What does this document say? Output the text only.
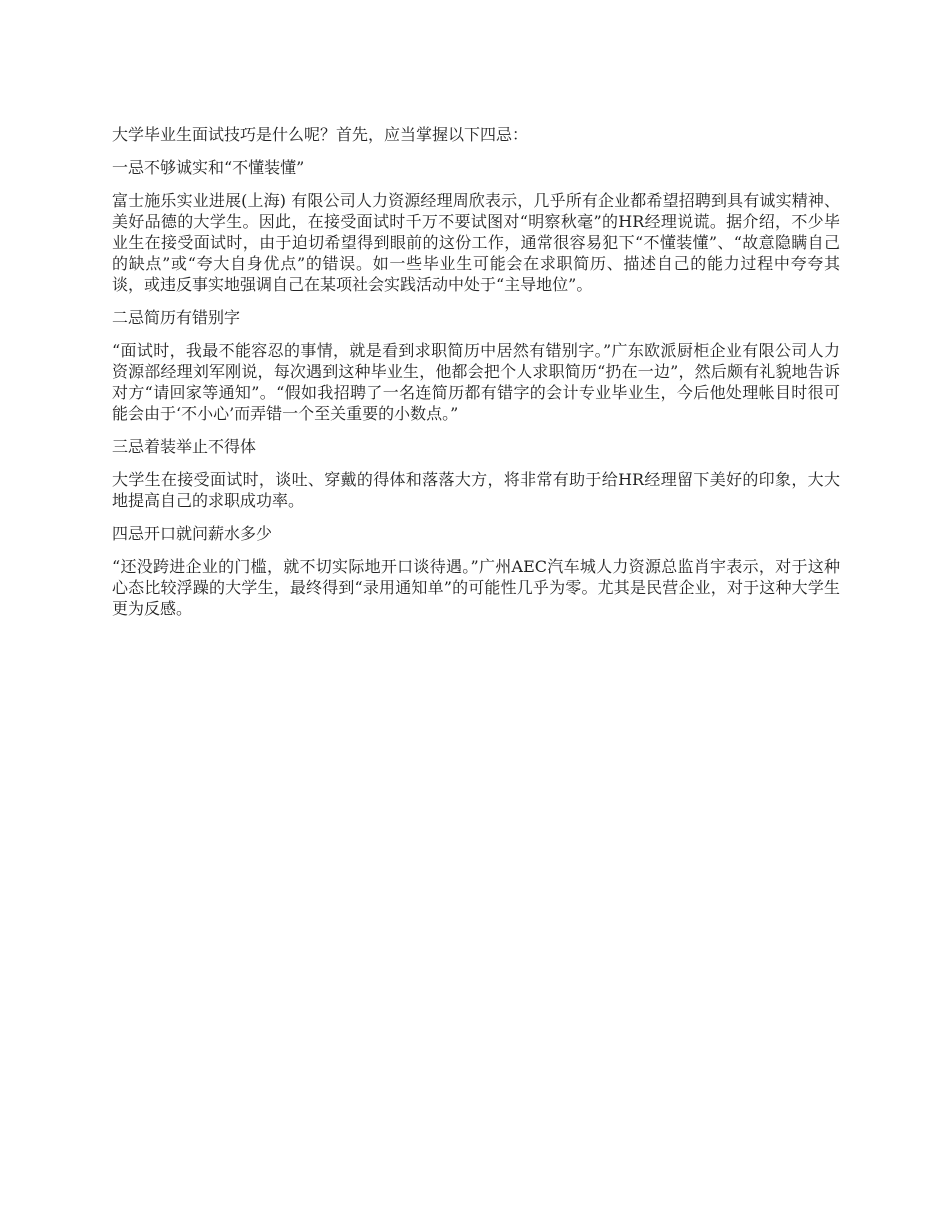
大学毕业生面试技巧是什么呢？首先，应当掌握以下四忌：

一忌不够诚实和“不懂装懂”

富士施乐实业进展(上海) 有限公司人力资源经理周欣表示，几乎所有企业都希望招聘到具有诚实精神、美好品德的大学生。因此，在接受面试时千万不要试图对“明察秋毫”的HR经理说谎。据介绍，不少毕业生在接受面试时，由于迫切希望得到眼前的这份工作，通常很容易犯下“不懂装懂”、“故意隐瞒自己的缺点”或“夸大自身优点”的错误。如一些毕业生可能会在求职简历、描述自己的能力过程中夸夸其谈，或违反事实地强调自己在某项社会实践活动中处于“主导地位”。

二忌简历有错别字

“面试时，我最不能容忍的事情，就是看到求职简历中居然有错别字。”广东欧派厨柜企业有限公司人力资源部经理刘军刚说，每次遇到这种毕业生，他都会把个人求职简历“扔在一边”，然后颇有礼貌地告诉对方“请回家等通知”。“假如我招聘了一名连简历都有错字的会计专业毕业生，今后他处理帐目时很可能会由于‘不小心’而弄错一个至关重要的小数点。”

三忌着装举止不得体

大学生在接受面试时，谈吐、穿戴的得体和落落大方，将非常有助于给HR经理留下美好的印象，大大地提高自己的求职成功率。

四忌开口就问薪水多少

“还没跨进企业的门槛，就不切实际地开口谈待遇。”广州AEC汽车城人力资源总监肖宇表示，对于这种心态比较浮躁的大学生，最终得到“录用通知单”的可能性几乎为零。尤其是民营企业，对于这种大学生更为反感。
